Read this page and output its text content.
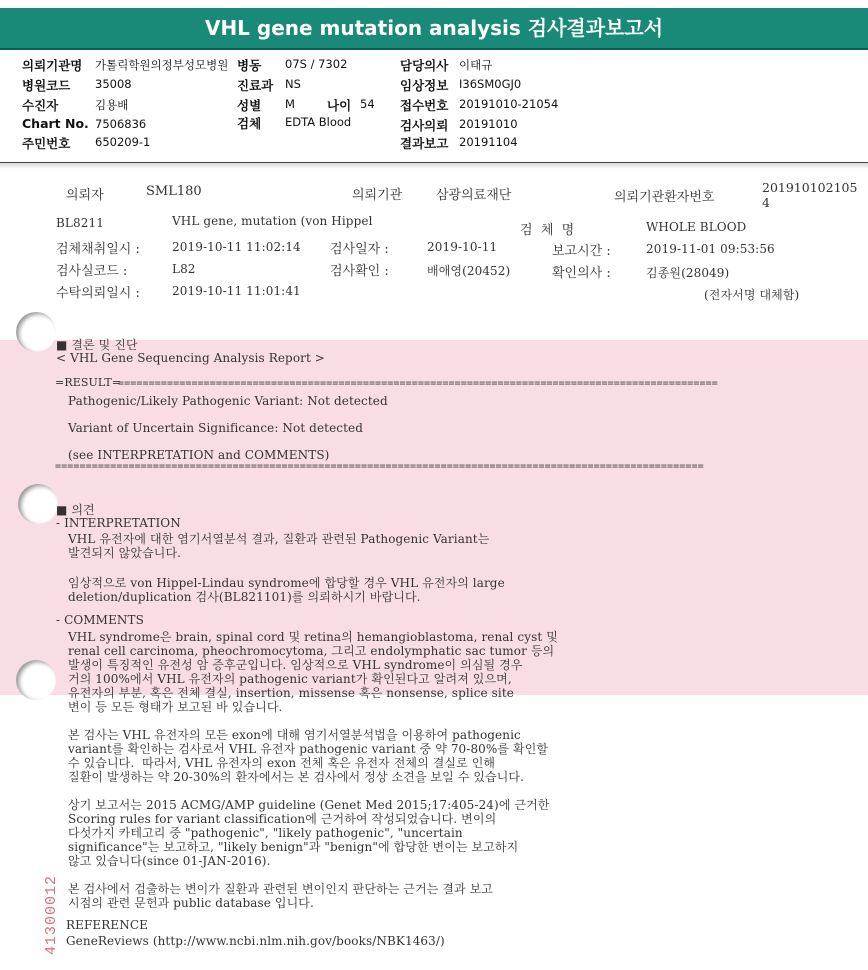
VHL gene mutation analysis 검사결과보고서
의뢰기관명 가톨릭학원의정부성모병원 병동 07S / 7302	담당의사 이태규
병원코드 35008	진료과 NS	임상정보 I36SM0GJ0
수진자	김용배	성별 M	나이 54 접수번호 20191010-21054
Chart No. 7506836	검체 EDTA Blood	검사의뢰 20191010
주민번호 650209-1	결과보고 20191104
의뢰자	SML180	의뢰기관	삼광의료재단	의뢰기관환자번호
201910102105
4
BL8211	VHL gene, mutation (von Hippel
검  체  명	WHOLE BLOOD
검체채취일시 :	2019-10-11 11:02:14 검사일자 :	2019-10-11	보고시간 :	2019-11-01 09:53:56
검사실코드 :	L82	검사확인 :	배애영(20452)	확인의사 :	김종원(28049)
수탁의뢰일시 :	2019-10-11 11:01:41	(전자서명 대체함)
■ 결론 및 진단
< VHL Gene Sequencing Analysis Report >
=RESULT=
==================================================================================================
Pathogenic/Likely Pathogenic Variant: Not detected
Variant of Uncertain Significance: Not detected
(see INTERPRETATION and COMMENTS)
==========================================================================================================
■ 의견
- INTERPRETATION
VHL 유전자에 대한 염기서열분석 결과, 질환과 관련된 Pathogenic Variant는
발견되지 않았습니다.
임상적으로 von Hippel-Lindau syndrome에 합당할 경우 VHL 유전자의 large
deletion/duplication 검사(BL821101)를 의뢰하시기 바랍니다.
- COMMENTS
VHL syndrome은 brain, spinal cord 및 retina의 hemangioblastoma, renal cyst 및
renal cell carcinoma, pheochromocytoma, 그리고 endolymphatic sac tumor 등의
발생이 특징적인 유전성 암 증후군입니다. 임상적으로 VHL syndrome이 의심될 경우
거의 100%에서 VHL 유전자의 pathogenic variant가 확인된다고 알려져 있으며,
유전자의 부분, 혹은 전체 결실, insertion, missense 혹은 nonsense, splice site
변이 등 모든 형태가 보고된 바 있습니다.
본 검사는 VHL 유전자의 모든 exon에 대해 염기서열분석법을 이용하여 pathogenic
variant를 확인하는 검사로서 VHL 유전자 pathogenic variant 중 약 70-80%를 확인할
수 있습니다.  따라서, VHL 유전자의 exon 전체 혹은 유전자 전체의 결실로 인해
질환이 발생하는 약 20-30%의 환자에서는 본 검사에서 정상 소견을 보일 수 있습니다.
상기 보고서는 2015 ACMG/AMP guideline (Genet Med 2015;17:405-24)에 근거한
Scoring rules for variant classification에 근거하여 작성되었습니다. 변이의
다섯가지 카테고리 중 "pathogenic", "likely pathogenic", "uncertain
significance"는 보고하고, "likely benign"과 "benign"에 합당한 변이는 보고하지
않고 있습니다(since 01-JAN-2016).
본 검사에서 검출하는 변이가 질환과 관련된 변이인지 판단하는 근거는 결과 보고
시점의 관련 문헌과 public database 입니다.
REFERENCE
GeneReviews (http://www.ncbi.nlm.nih.gov/books/NBK1463/)
41300012
